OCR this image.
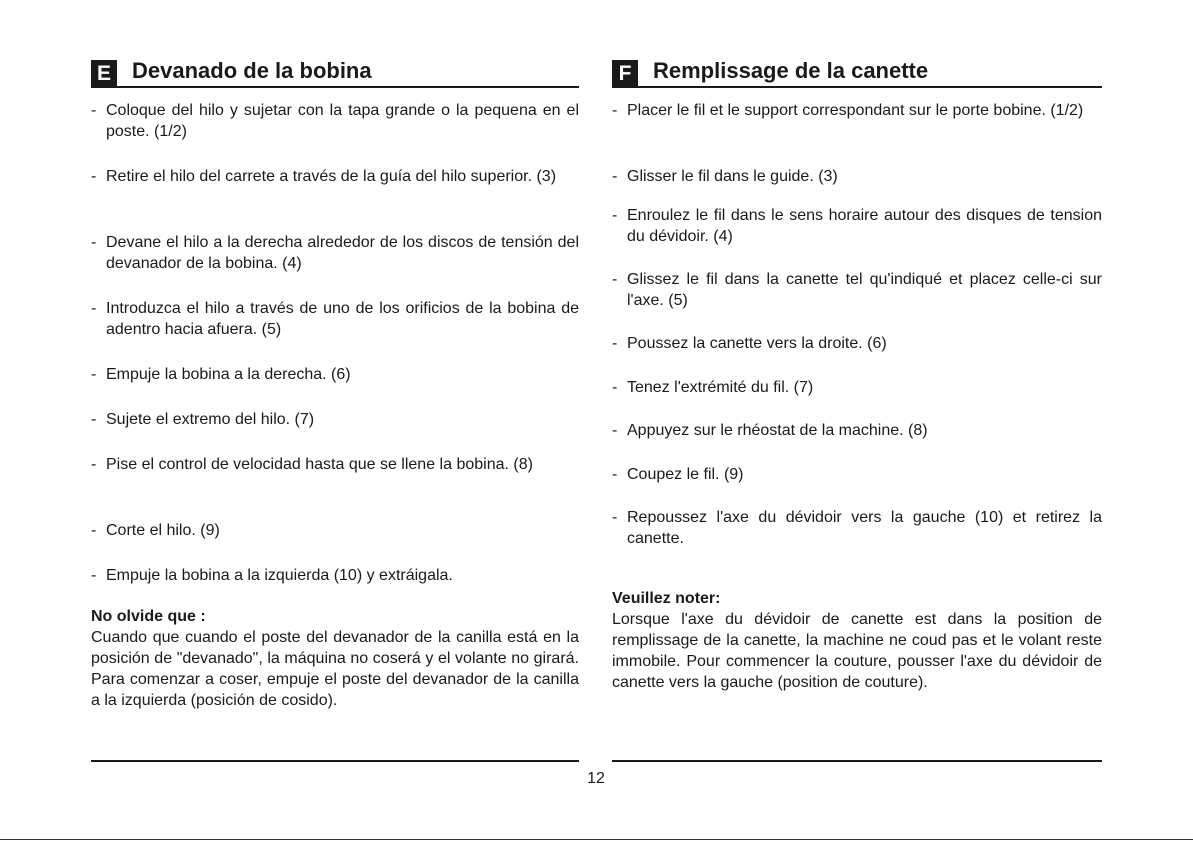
E Devanado de la bobina
- Coloque del hilo y sujetar con la tapa grande o la pequena en el poste. (1/2)
- Retire el hilo del carrete a través de la guía del hilo superior. (3)
- Devane el hilo a la derecha alrededor de los discos de tensión del devanador de la bobina. (4)
- Introduzca el hilo a través de uno de los orificios de la bobina de adentro hacia afuera. (5)
- Empuje la bobina a la derecha. (6)
- Sujete el extremo del hilo. (7)
- Pise el control de velocidad hasta que se llene la bobina. (8)
- Corte el hilo. (9)
- Empuje la bobina a la izquierda (10) y extráigala.
No olvide que :
Cuando que cuando el poste del devanador de la canilla está en la posición de "devanado", la máquina no coserá y el volante no girará. Para comenzar a coser, empuje el poste del devanador de la canilla a la izquierda (posición de cosido).
F Remplissage de la canette
- Placer le fil et le support correspondant sur le porte bobine. (1/2)
- Glisser le fil dans le guide. (3)
- Enroulez le fil dans le sens horaire autour des disques de tension du dévidoir. (4)
- Glissez le fil dans la canette tel qu'indiqué et placez celle-ci sur l'axe. (5)
- Poussez la canette vers la droite. (6)
- Tenez l'extrémité du fil. (7)
- Appuyez sur le rhéostat de la machine. (8)
- Coupez le fil. (9)
- Repoussez l'axe du dévidoir vers la gauche (10) et retirez la canette.
Veuillez noter:
Lorsque l'axe du dévidoir de canette est dans la position de remplissage de la canette, la machine ne coud pas et le volant reste immobile. Pour commencer la couture, pousser l'axe du dévidoir de canette vers la gauche (position de couture).
12
